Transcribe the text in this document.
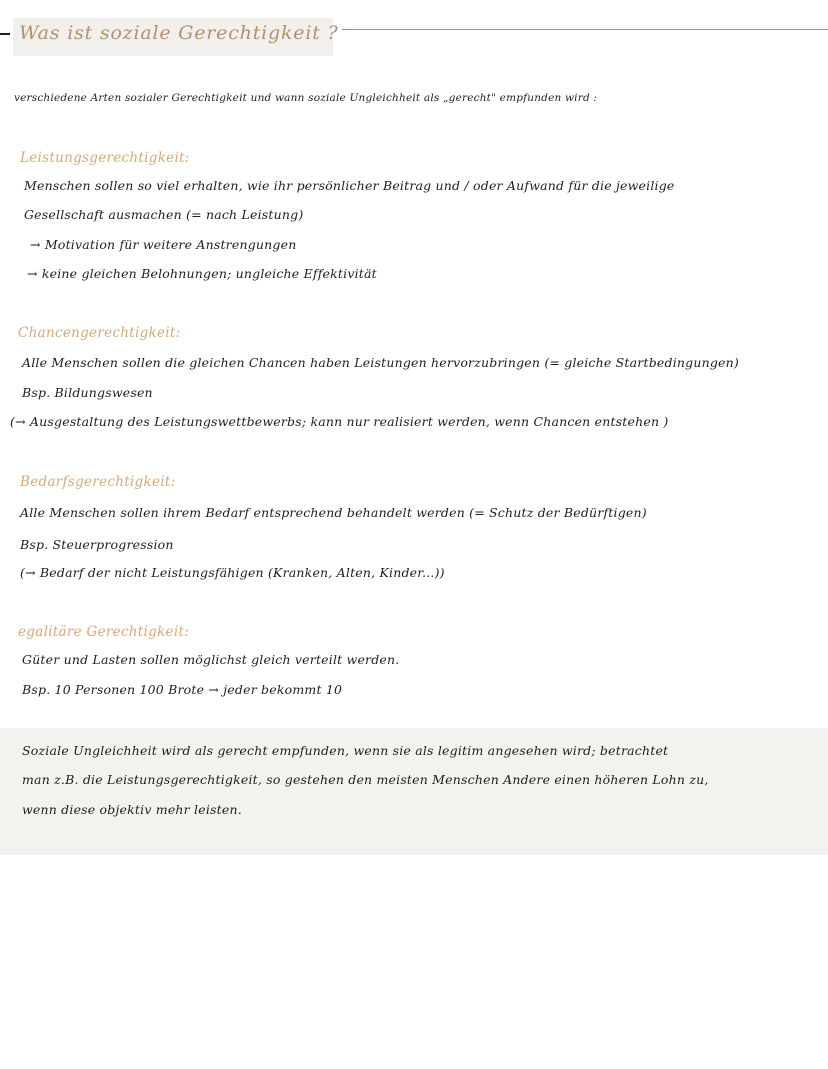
Was ist soziale Gerechtigkeit ?
verschiedene Arten sozialer Gerechtigkeit und wann soziale Ungleichheit als „gerecht" empfunden wird :
Leistungsgerechtigkeit:
Menschen sollen so viel erhalten, wie ihr persönlicher Beitrag und / oder Aufwand für die jeweilige
Gesellschaft ausmachen (= nach Leistung)
→ Motivation für weitere Anstrengungen
→ keine gleichen Belohnungen; ungleiche Effektivität
Chancengerechtigkeit:
Alle Menschen sollen die gleichen Chancen haben Leistungen hervorzubringen (= gleiche Startbedingungen)
Bsp. Bildungswesen
(→ Ausgestaltung des Leistungswettbewerbs; kann nur realisiert werden, wenn Chancen entstehen )
Bedarfsgerechtigkeit:
Alle Menschen sollen ihrem Bedarf entsprechend behandelt werden (= Schutz der Bedürftigen)
Bsp. Steuerprogression
(→ Bedarf der nicht Leistungsfähigen (Kranken, Alten, Kinder...))
egalitäre Gerechtigkeit:
Güter und Lasten sollen möglichst gleich verteilt werden.
Bsp. 10 Personen 100 Brote → jeder bekommt 10
Soziale Ungleichheit wird als gerecht empfunden, wenn sie als legitim angesehen wird; betrachtet
man z.B. die Leistungsgerechtigkeit, so gestehen den meisten Menschen Andere einen höheren Lohn zu,
wenn diese objektiv mehr leisten.
